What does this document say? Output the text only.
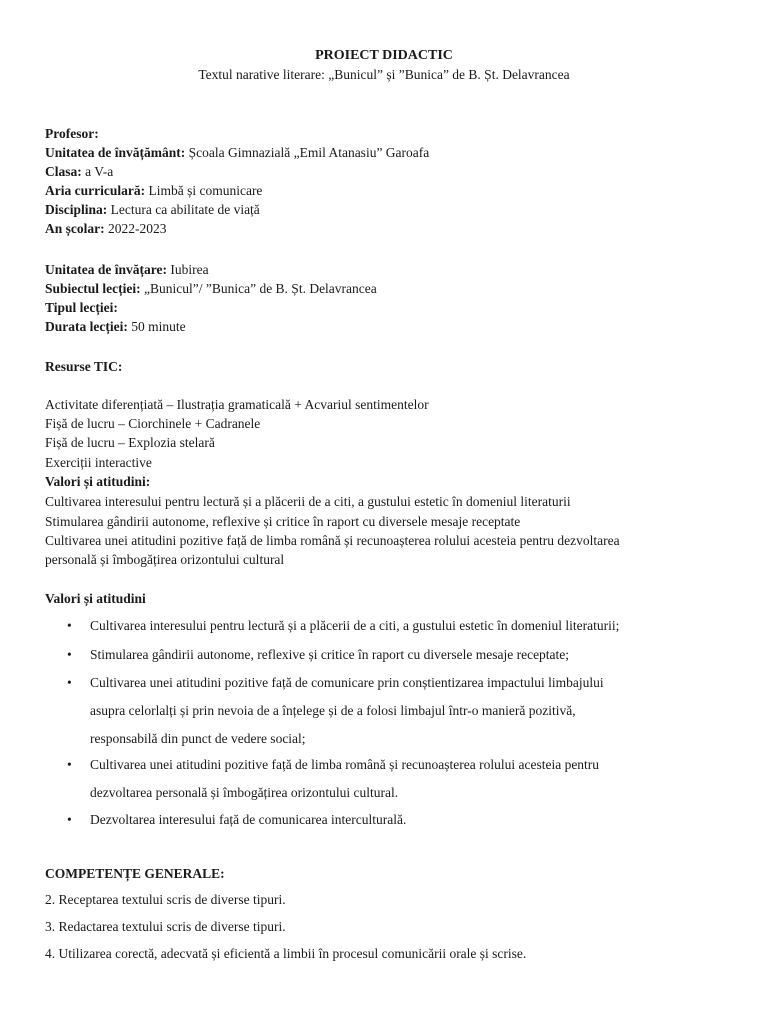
PROIECT DIDACTIC
Textul narative literare: „Bunicul” și ”Bunica” de B. Șt. Delavrancea
Profesor:
Unitatea de învățământ: Școala Gimnazială „Emil Atanasiu” Garoafa
Clasa: a V-a
Aria curriculară: Limbă și comunicare
Disciplina: Lectura ca abilitate de viață
An școlar: 2022-2023
Unitatea de învățare: Iubirea
Subiectul lecției: „Bunicul”/ ”Bunica” de B. Șt. Delavrancea
Tipul lecției:
Durata lecției: 50 minute
Resurse TIC:
Activitate diferențiată – Ilustrația gramaticală + Acvariul sentimentelor
Fișă de lucru – Ciorchinele + Cadranele
Fișă de lucru – Explozia stelară
Exerciții interactive
Valori și atitudini:
Cultivarea interesului pentru lectură și a plăcerii de a citi, a gustului estetic în domeniul literaturii
Stimularea gândirii autonome, reflexive și critice în raport cu diversele mesaje receptate
Cultivarea unei atitudini pozitive față de limba română și recunoașterea rolului acesteia pentru dezvoltarea
personală și îmbogățirea orizontului cultural
Valori și atitudini
• Cultivarea interesului pentru lectură și a plăcerii de a citi, a gustului estetic în domeniul literaturii;
• Stimularea gândirii autonome, reflexive și critice în raport cu diversele mesaje receptate;
• Cultivarea unei atitudini pozitive față de comunicare prin conștientizarea impactului limbajului
asupra celorlalți și prin nevoia de a înțelege și de a folosi limbajul într-o manieră pozitivă,
responsabilă din punct de vedere social;
• Cultivarea unei atitudini pozitive față de limba română și recunoașterea rolului acesteia pentru
dezvoltarea personală și îmbogățirea orizontului cultural.
• Dezvoltarea interesului față de comunicarea interculturală.
COMPETENȚE GENERALE:
2. Receptarea textului scris de diverse tipuri.
3. Redactarea textului scris de diverse tipuri.
4. Utilizarea corectă, adecvată și eficientă a limbii în procesul comunicării orale și scrise.
